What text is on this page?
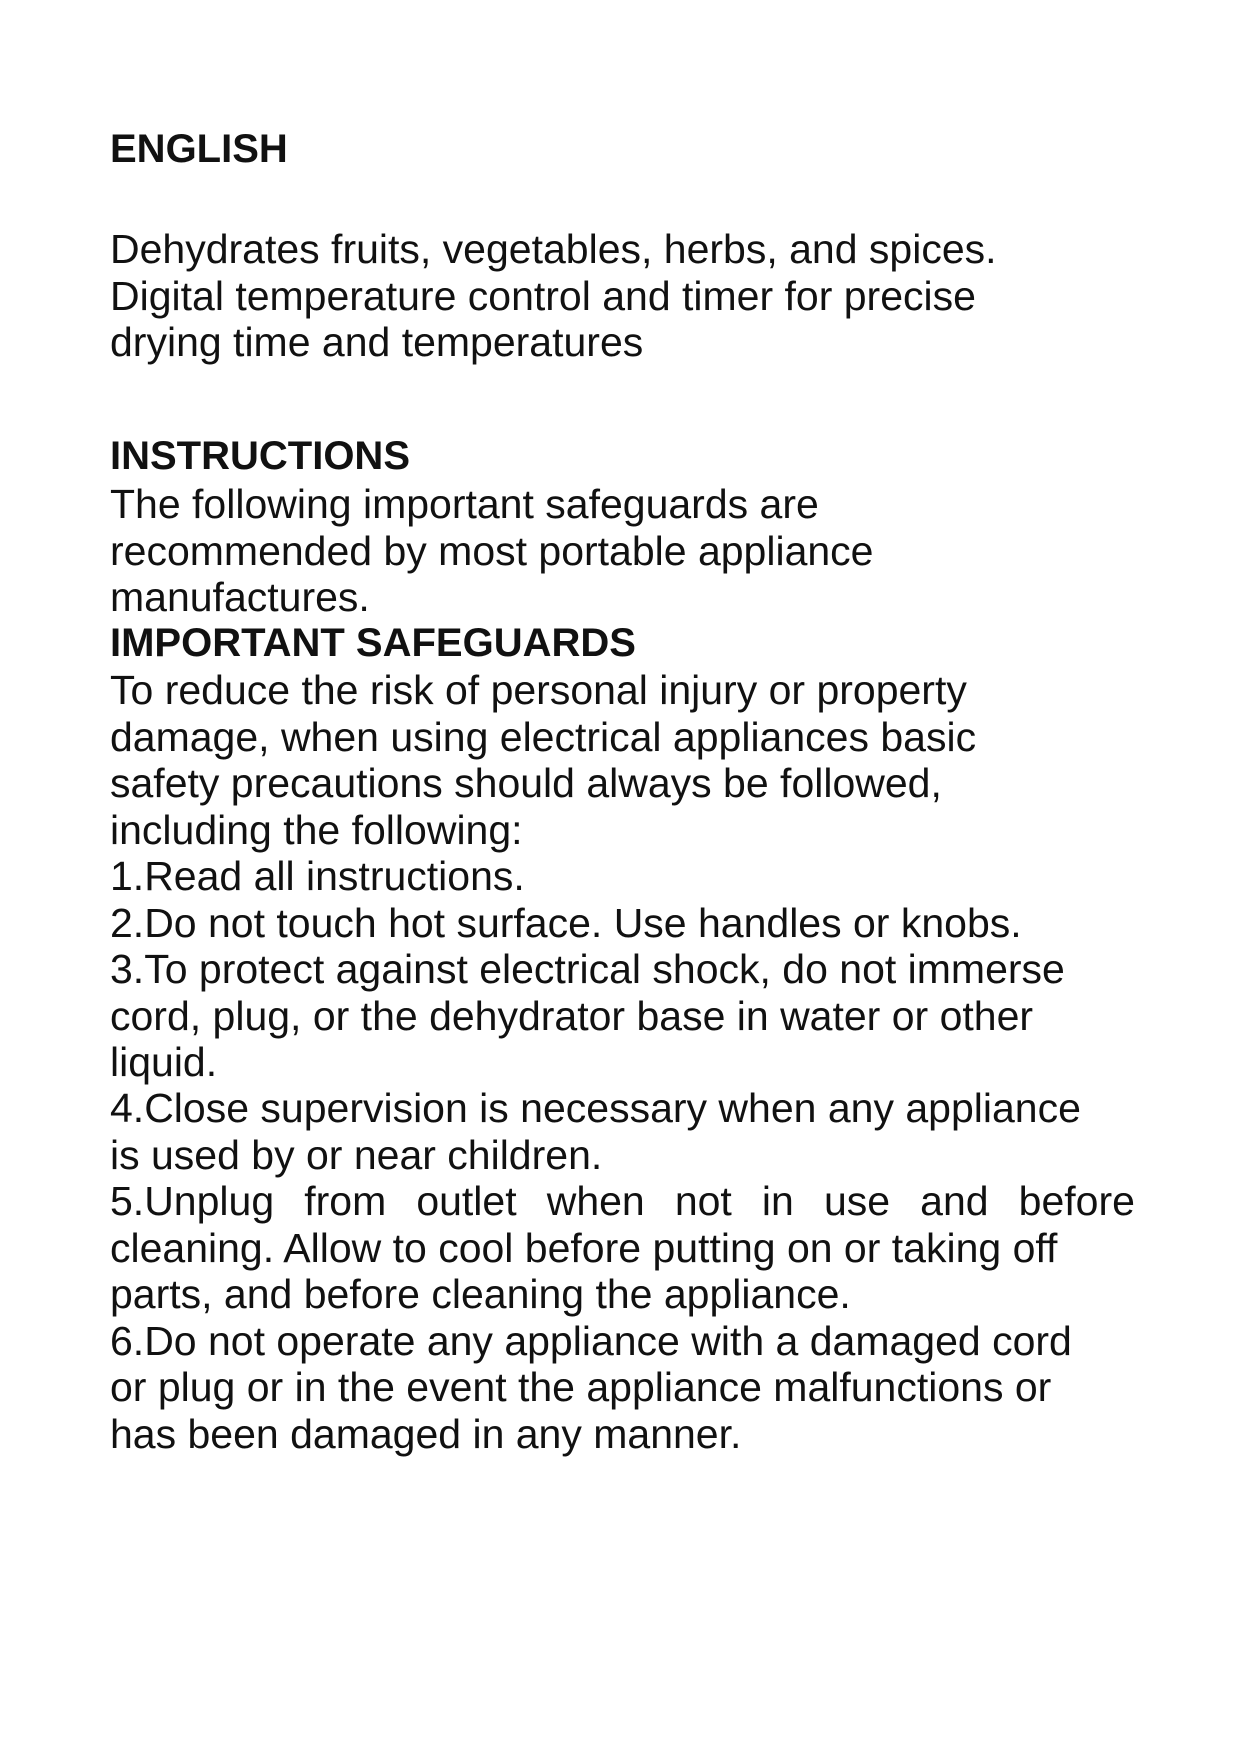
ENGLISH
Dehydrates fruits, vegetables, herbs, and spices.
Digital temperature control and timer for precise
drying time and temperatures
INSTRUCTIONS
The following important safeguards are
recommended by most portable appliance
manufactures.
IMPORTANT SAFEGUARDS
To reduce the risk of personal injury or property
damage, when using electrical appliances basic
safety precautions should always be followed,
including the following:
1.Read all instructions.
2.Do not touch hot surface. Use handles or knobs.
3.To protect against electrical shock, do not immerse
cord, plug, or the dehydrator base in water or other
liquid.
4.Close supervision is necessary when any appliance
is used by or near children.
5.Unplug from outlet when not in use and before
cleaning. Allow to cool before putting on or taking off
parts, and before cleaning the appliance.
6.Do not operate any appliance with a damaged cord
or plug or in the event the appliance malfunctions or
has been damaged in any manner.
